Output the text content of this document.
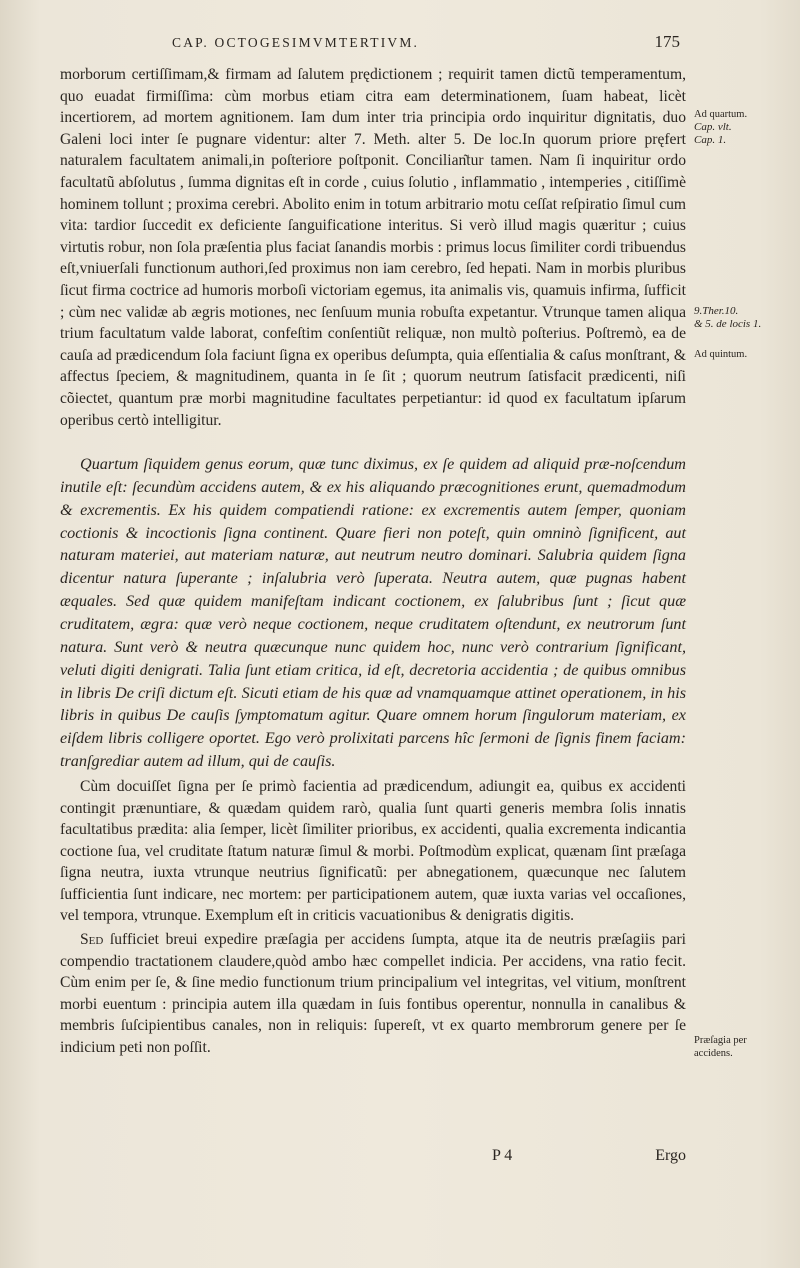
CAP. OCTOGESIMVMTERTIVM.	175

morborum certiſſimam,& firmam ad ſalutem prędictionem ; requirit tamen dictũ temperamentum, quo euadat firmiſſima: cùm morbus etiam citra eam determinationem, ſuam habeat, licèt incertiorem, ad mortem agnitionem. Iam dum inter tria principia ordo inquiritur dignitatis, duo Galeni loci inter ſe pugnare videntur: alter 7. Meth. alter 5. De loc.In quorum priore pręfert naturalem facultatem animali,in poſteriore poſtponit. Concilian͂tur tamen. Nam ſi inquiritur ordo facultatũ abſolutus , ſumma dignitas eſt in corde , cuius ſolutio , inflammatio , intemperies , citiſſimè hominem tollunt ; proxima cerebri. Abolito enim in totum arbitrario motu ceſſat reſpiratio ſimul cum vita: tardior ſuccedit ex deficiente ſanguificatione interitus. Si verò illud magis quæritur ; cuius virtutis robur, non ſola præſentia plus faciat ſanandis morbis : primus locus ſimiliter cordi tribuendus eſt,vniuerſali functionum authori,ſed proximus non iam cerebro, ſed hepati. Nam in morbis pluribus ſicut firma coctrice ad humoris morboſi victoriam egemus, ita animalis vis, quamuis infirma, ſufficit ; cùm nec validæ ab ægris motiones, nec ſenſuum munia robuſta expetantur. Vtrunque tamen aliqua trium facultatum valde laborat, confeſtim conſentiũt reliquæ, non multò poſterius. Poſtremò, ea de cauſa ad prædicendum ſola faciunt ſigna ex operibus deſumpta, quia eſſentialia & caſus monſtrant, & affectus ſpeciem, & magnitudinem, quanta in ſe ſit ; quorum neutrum ſatisfacit prædicenti, niſi cõiectet, quantum præ morbi magnitudine facultates perpetiantur: id quod ex facultatum ipſarum operibus certò intelligitur.

Quartum ſiquidem genus eorum, quæ tunc diximus, ex ſe quidem ad aliquid præ-noſcendum inutile eſt: ſecundùm accidens autem, & ex his aliquando præcognitiones erunt, quemadmodum & excrementis. Ex his quidem compatiendi ratione: ex excrementis autem ſemper, quoniam coctionis & incoctionis ſigna continent. Quare fieri non poteſt, quin omninò ſignificent, aut naturam materiei, aut materiam naturæ, aut neutrum neutro dominari. Salubria quidem ſigna dicentur natura ſuperante ; inſalubria verò ſuperata. Neutra autem, quæ pugnas habent æquales. Sed quæ quidem manifeſtam indicant coctionem, ex ſalubribus ſunt ; ſicut quæ cruditatem, ægra: quæ verò neque coctionem, neque cruditatem oſtendunt, ex neutrorum ſunt natura. Sunt verò & neutra quæcunque nunc quidem hoc, nunc verò contrarium ſignificant, veluti digiti denigrati. Talia ſunt etiam critica, id eſt, decretoria accidentia ; de quibus omnibus in libris De criſi dictum eſt. Sicuti etiam de his quæ ad vnamquamque attinet operationem, in his libris in quibus De cauſis ſymptomatum agitur. Quare omnem horum ſingulorum materiam, ex eiſdem libris colligere oportet. Ego verò prolixitati parcens hîc ſermoni de ſignis finem faciam: tranſgrediar autem ad illum, qui de cauſis.

Cùm docuiſſet ſigna per ſe primò facientia ad prædicendum, adiungit ea, quibus ex accidenti contingit prænuntiare, & quædam quidem rarò, qualia ſunt quarti generis membra ſolis innatis facultatibus prædita: alia ſemper, licèt ſimiliter prioribus, ex accidenti, qualia excrementa indicantia coctione ſua, vel cruditate ſtatum naturæ ſimul & morbi. Poſtmodùm explicat, quænam ſint præſaga ſigna neutra, iuxta vtrunque neutrius ſignificatũ: per abnegationem, quæcunque nec ſalutem ſufficientia ſunt indicare, nec mortem: per participationem autem, quæ iuxta varias vel occaſiones, vel tempora, vtrunque. Exemplum eſt in criticis vacuationibus & denigratis digitis.

Sed ſufficiet breui expedire præſagia per accidens ſumpta, atque ita de neutris præſagiis pari compendio tractationem claudere,quòd ambo hæc compellet indicia. Per accidens, vna ratio fecit. Cùm enim per ſe, & ſine medio functionum trium principalium vel integritas, vel vitium, monſtrent morbi euentum : principia autem illa quædam in ſuis fontibus operentur, nonnulla in canalibus & membris ſuſcipientibus canales, non in reliquis: ſupereſt, vt ex quarto membrorum genere per ſe indicium peti non poſſit.

P 4	Ergo
Ad quartum.
Cap. vlt.
Cap. 1.
9.Ther.10.
& 5. de locis 1.
Ad quintum.
Præſagia per
accidens.
